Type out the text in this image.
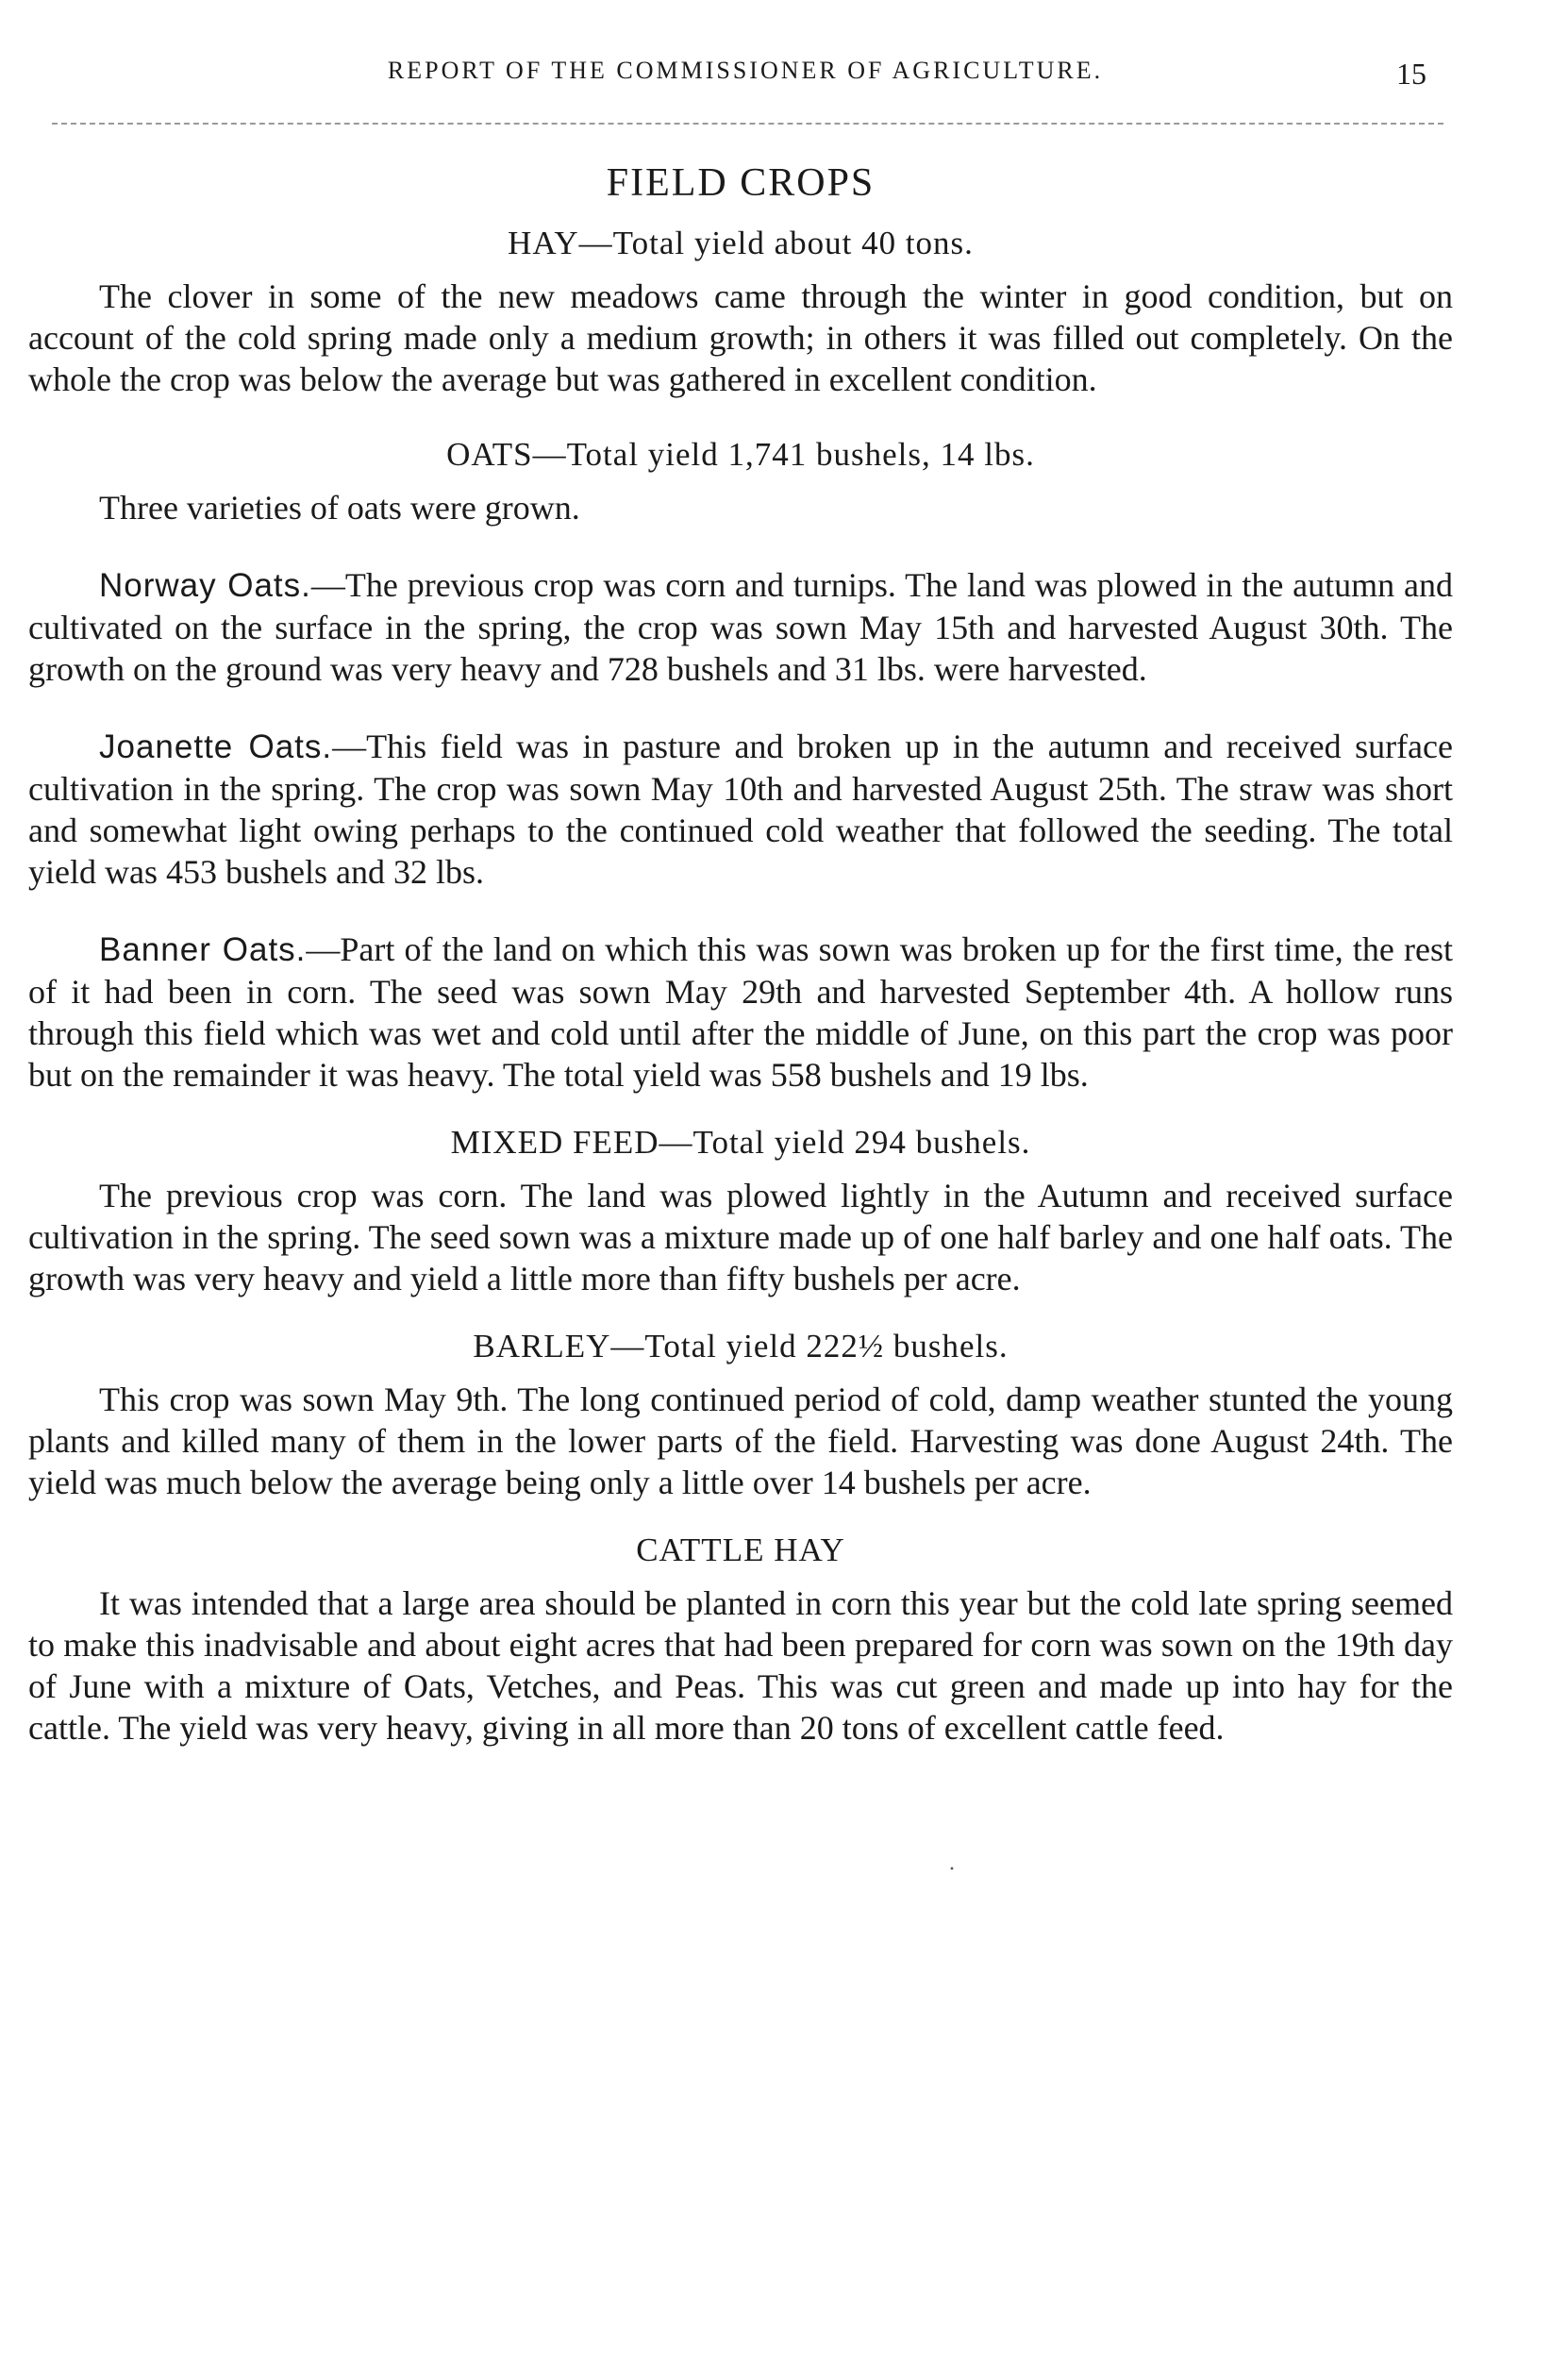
REPORT OF THE COMMISSIONER OF AGRICULTURE.	15
FIELD CROPS
HAY—Total yield about 40 tons.

The clover in some of the new meadows came through the winter in good condition, but on account of the cold spring made only a medium growth; in others it was filled out completely. On the whole the crop was below the average but was gathered in excellent condition.

OATS—Total yield 1,741 bushels, 14 lbs.

Three varieties of oats were grown.

Norway Oats.—The previous crop was corn and turnips. The land was plowed in the autumn and cultivated on the surface in the spring, the crop was sown May 15th and harvested August 30th. The growth on the ground was very heavy and 728 bushels and 31 lbs. were harvested.

Joanette Oats.—This field was in pasture and broken up in the autumn and received surface cultivation in the spring. The crop was sown May 10th and harvested August 25th. The straw was short and somewhat light owing perhaps to the continued cold weather that followed the seeding. The total yield was 453 bushels and 32 lbs.

Banner Oats.—Part of the land on which this was sown was broken up for the first time, the rest of it had been in corn. The seed was sown May 29th and harvested September 4th. A hollow runs through this field which was wet and cold until after the middle of June, on this part the crop was poor but on the remainder it was heavy. The total yield was 558 bushels and 19 lbs.

MIXED FEED—Total yield 294 bushels.

The previous crop was corn. The land was plowed lightly in the Autumn and received surface cultivation in the spring. The seed sown was a mixture made up of one half barley and one half oats. The growth was very heavy and yield a little more than fifty bushels per acre.

BARLEY—Total yield 222½ bushels.

This crop was sown May 9th. The long continued period of cold, damp weather stunted the young plants and killed many of them in the lower parts of the field. Harvesting was done August 24th. The yield was much below the average being only a little over 14 bushels per acre.

CATTLE HAY

It was intended that a large area should be planted in corn this year but the cold late spring seemed to make this inadvisable and about eight acres that had been prepared for corn was sown on the 19th day of June with a mixture of Oats, Vetches, and Peas. This was cut green and made up into hay for the cattle. The yield was very heavy, giving in all more than 20 tons of excellent cattle feed.

·
